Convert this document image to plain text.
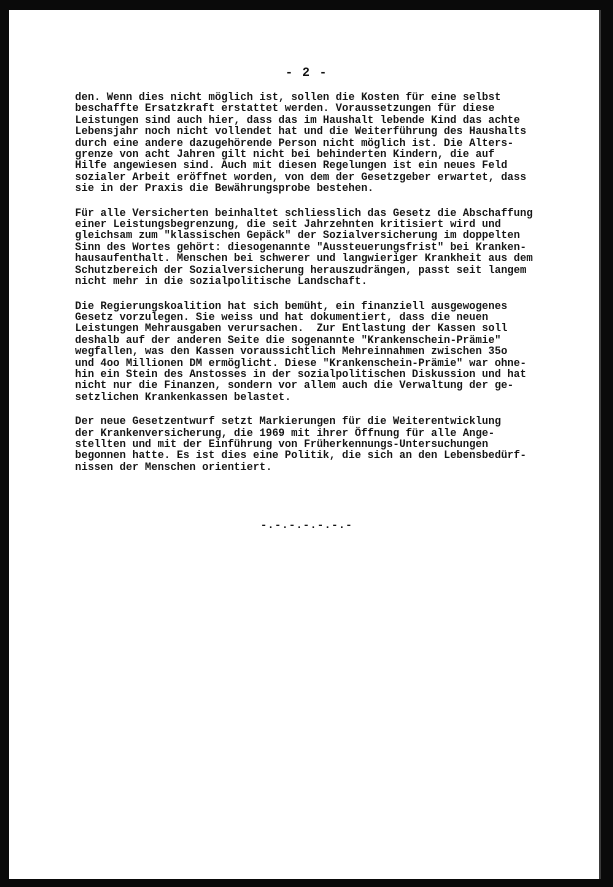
- 2 -
den. Wenn dies nicht möglich ist, sollen die Kosten für eine selbst
beschaffte Ersatzkraft erstattet werden. Voraussetzungen für diese
Leistungen sind auch hier, dass das im Haushalt lebende Kind das achte
Lebensjahr noch nicht vollendet hat und die Weiterführung des Haushalts
durch eine andere dazugehörende Person nicht möglich ist. Die Alters-
grenze von acht Jahren gilt nicht bei behinderten Kindern, die auf
Hilfe angewiesen sind. Auch mit diesen Regelungen ist ein neues Feld
sozialer Arbeit eröffnet worden, von dem der Gesetzgeber erwartet, dass
sie in der Praxis die Bewährungsprobe bestehen.
Für alle Versicherten beinhaltet schliesslich das Gesetz die Abschaffung
einer Leistungsbegrenzung, die seit Jahrzehnten kritisiert wird und
gleichsam zum "klassischen Gepäck" der Sozialversicherung im doppelten
Sinn des Wortes gehört: diesogenannte "Aussteuerungsfrist" bei Kranken-
hausaufenthalt. Menschen bei schwerer und langwieriger Krankheit aus dem
Schutzbereich der Sozialversicherung herauszudrängen, passt seit langem
nicht mehr in die sozialpolitische Landschaft.
Die Regierungskoalition hat sich bemüht, ein finanziell ausgewogenes
Gesetz vorzulegen. Sie weiss und hat dokumentiert, dass die neuen
Leistungen Mehrausgaben verursachen.  Zur Entlastung der Kassen soll
deshalb auf der anderen Seite die sogenannte "Krankenschein-Prämie"
wegfallen, was den Kassen voraussichtlich Mehreinnahmen zwischen 35o
und 4oo Millionen DM ermöglicht. Diese "Krankenschein-Prämie" war ohne-
hin ein Stein des Anstosses in der sozialpolitischen Diskussion und hat
nicht nur die Finanzen, sondern vor allem auch die Verwaltung der ge-
setzlichen Krankenkassen belastet.
Der neue Gesetzentwurf setzt Markierungen für die Weiterentwicklung
der Krankenversicherung, die 1969 mit ihrer Öffnung für alle Ange-
stellten und mit der Einführung von Früherkennungs-Untersuchungen
begonnen hatte. Es ist dies eine Politik, die sich an den Lebensbedürf-
nissen der Menschen orientiert.
-.-.-.-.-.-.-
